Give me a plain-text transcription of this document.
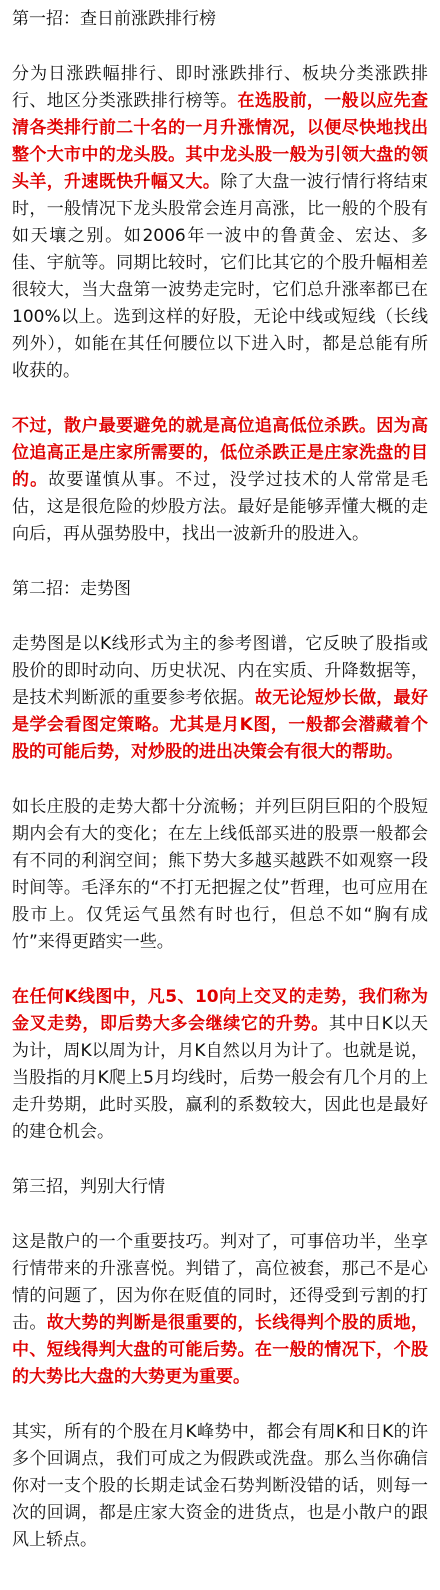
第一招：查日前涨跌排行榜
分为日涨跌幅排行、即时涨跌排行、板块分类涨跌排行、地区分类涨跌排行榜等。在选股前，一般以应先查清各类排行前二十名的一月升涨情况，以便尽快地找出整个大市中的龙头股。其中龙头股一般为引领大盘的领头羊，升速既快升幅又大。除了大盘一波行情行将结束时，一般情况下龙头股常会连月高涨，比一般的个股有如天壤之别。如2006年一波中的鲁黄金、宏达、多佳、宇航等。同期比较时，它们比其它的个股升幅相差很较大，当大盘第一波势走完时，它们总升涨率都已在100%以上。选到这样的好股，无论中线或短线（长线列外），如能在其任何腰位以下进入时，都是总能有所收获的。
不过，散户最要避免的就是高位追高低位杀跌。因为高位追高正是庄家所需要的，低位杀跌正是庄家洗盘的目的。故要谨慎从事。不过，没学过技术的人常常是毛估，这是很危险的炒股方法。最好是能够弄懂大概的走向后，再从强势股中，找出一波新升的股进入。
第二招：走势图
走势图是以K线形式为主的参考图谱，它反映了股指或股价的即时动向、历史状况、内在实质、升降数据等，是技术判断派的重要参考依据。故无论短炒长做，最好是学会看图定策略。尤其是月K图，一般都会潜藏着个股的可能后势，对炒股的进出决策会有很大的帮助。
如长庄股的走势大都十分流畅；并列巨阴巨阳的个股短期内会有大的变化；在左上线低部买进的股票一般都会有不同的利润空间；熊下势大多越买越跌不如观察一段时间等。毛泽东的“不打无把握之仗”哲理，也可应用在股市上。仅凭运气虽然有时也行，但总不如“胸有成竹”来得更踏实一些。
在任何K线图中，凡5、10向上交叉的走势，我们称为金叉走势，即后势大多会继续它的升势。其中日K以天为计，周K以周为计，月K自然以月为计了。也就是说，当股指的月K爬上5月均线时，后势一般会有几个月的上走升势期，此时买股，赢利的系数较大，因此也是最好的建仓机会。
第三招，判别大行情
这是散户的一个重要技巧。判对了，可事倍功半，坐享行情带来的升涨喜悦。判错了，高位被套，那己不是心情的问题了，因为你在贬值的同时，还得受到亏割的打击。故大势的判断是很重要的，长线得判个股的质地，中、短线得判大盘的可能后势。在一般的情况下，个股的大势比大盘的大势更为重要。
其实，所有的个股在月K峰势中，都会有周K和日K的许多个回调点，我们可成之为假跌或洗盘。那么当你确信你对一支个股的长期走试金石势判断没错的话，则每一次的回调，都是庄家大资金的进货点，也是小散户的跟风上轿点。
